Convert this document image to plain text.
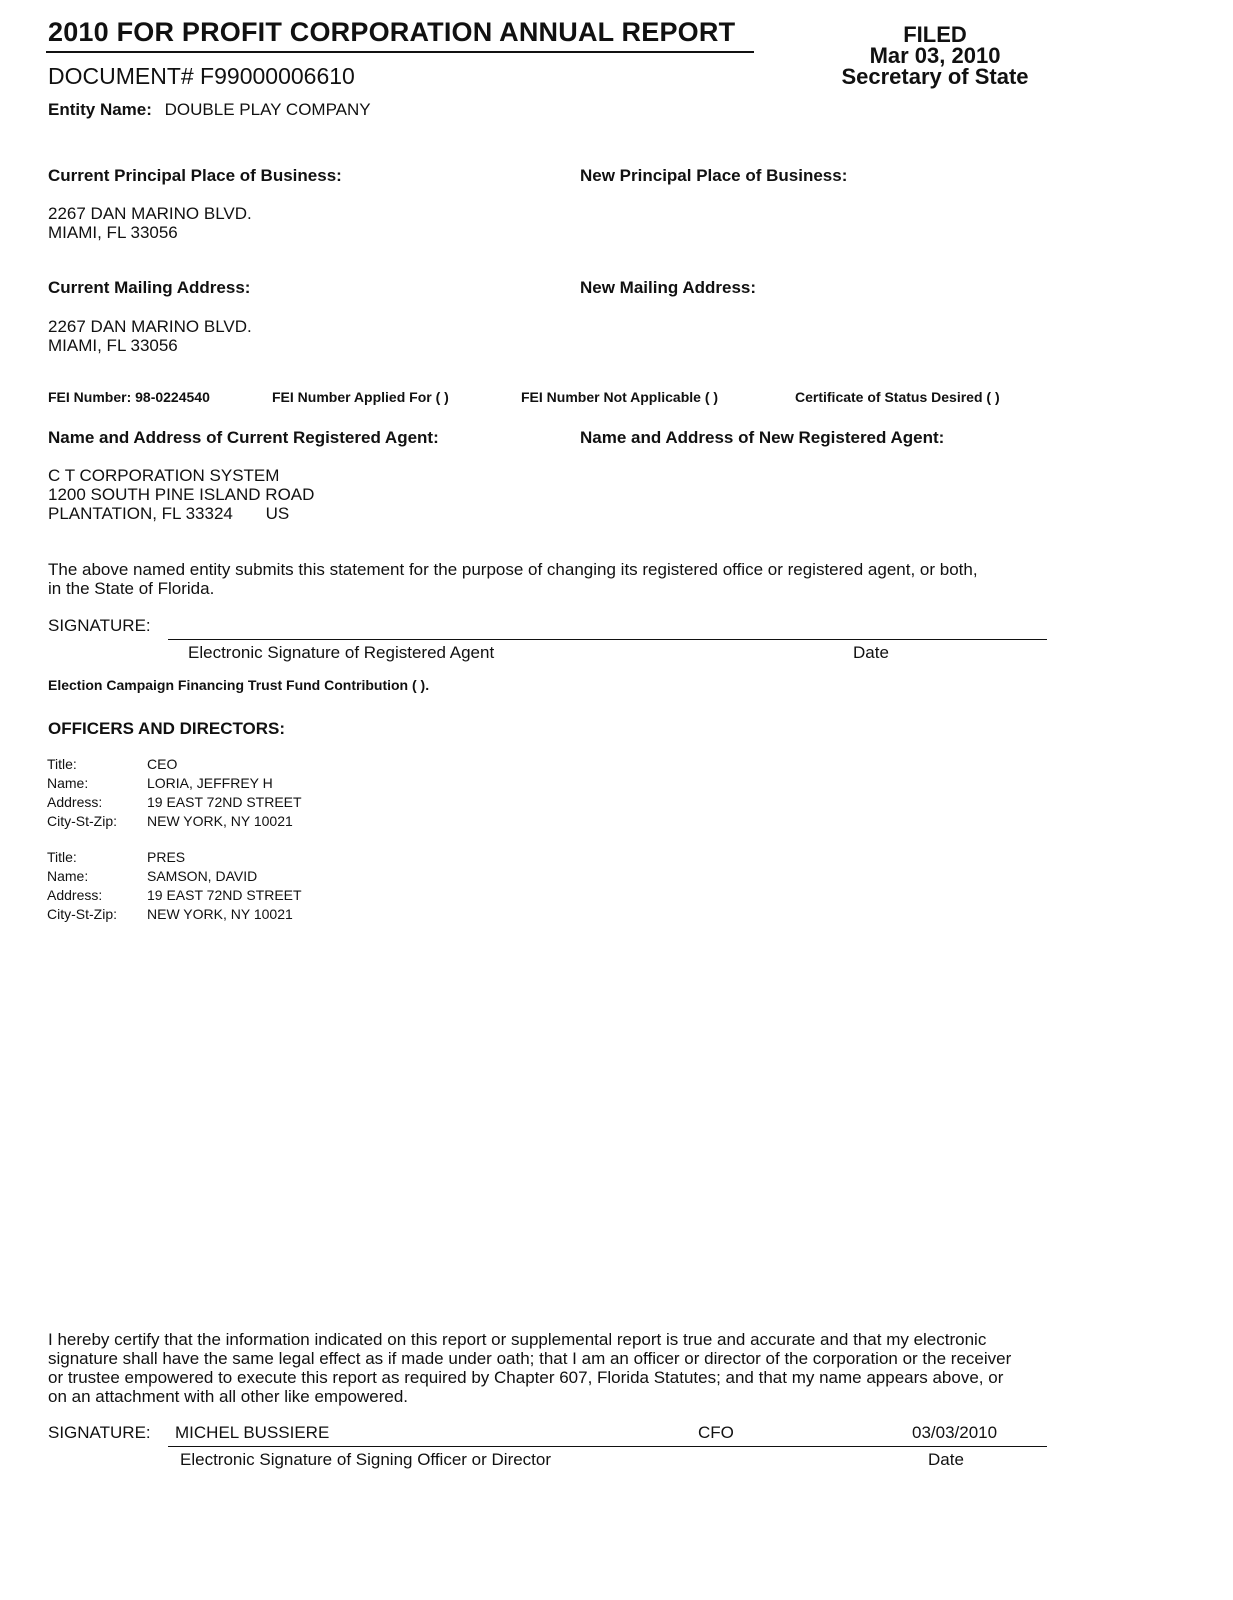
2010 FOR PROFIT CORPORATION ANNUAL REPORT
DOCUMENT# F99000006610
Entity Name: DOUBLE PLAY COMPANY
FILED
Mar 03, 2010
Secretary of State
Current Principal Place of Business:	New Principal Place of Business:
2267 DAN MARINO BLVD.
MIAMI, FL 33056
Current Mailing Address:	New Mailing Address:
2267 DAN MARINO BLVD.
MIAMI, FL 33056
FEI Number: 98-0224540	FEI Number Applied For ( )	FEI Number Not Applicable ( )	Certificate of Status Desired ( )
Name and Address of Current Registered Agent:	Name and Address of New Registered Agent:
C T CORPORATION SYSTEM
1200 SOUTH PINE ISLAND ROAD
PLANTATION, FL 33324 US
The above named entity submits this statement for the purpose of changing its registered office or registered agent, or both,
in the State of Florida.
SIGNATURE:
Electronic Signature of Registered Agent	Date
Election Campaign Financing Trust Fund Contribution ( ).
OFFICERS AND DIRECTORS:
Title:	CEO
Name:	LORIA, JEFFREY H
Address:	19 EAST 72ND STREET
City-St-Zip: NEW YORK, NY 10021
Title:	PRES
Name:	SAMSON, DAVID
Address:	19 EAST 72ND STREET
City-St-Zip: NEW YORK, NY 10021
I hereby certify that the information indicated on this report or supplemental report is true and accurate and that my electronic
signature shall have the same legal effect as if made under oath; that I am an officer or director of the corporation or the receiver
or trustee empowered to execute this report as required by Chapter 607, Florida Statutes; and that my name appears above, or
on an attachment with all other like empowered.
SIGNATURE: MICHEL BUSSIERE	CFO	03/03/2010
Electronic Signature of Signing Officer or Director	Date
